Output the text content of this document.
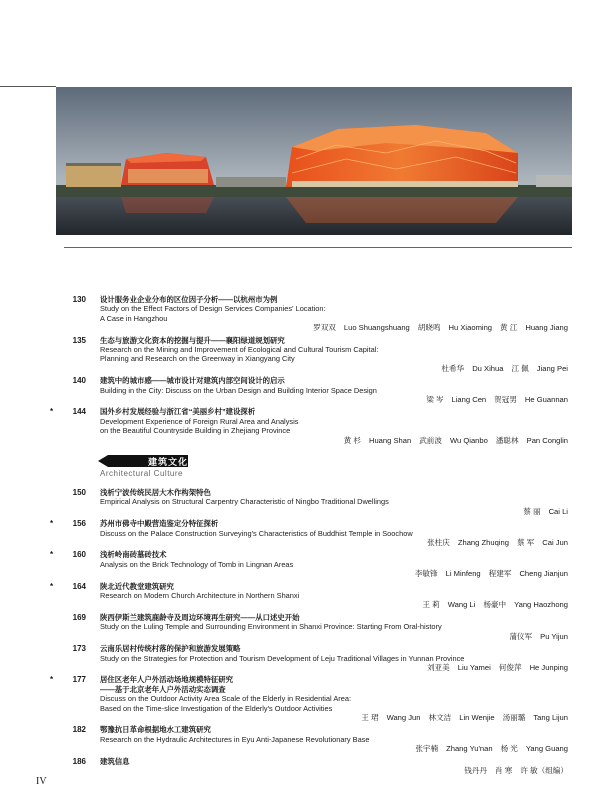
130 设计服务业企业分布的区位因子分析——以杭州市为例
Study on the Effect Factors of Design Services Companies' Location:
A Case in Hangzhou
罗双双 Luo Shuangshuang 胡晓鸣 Hu Xiaoming 黄 江 Huang Jiang
135 生态与旅游文化资本的挖掘与提升——襄阳绿道规划研究
Research on the Mining and Improvement of Ecological and Cultural Tourism Capital:
Planning and Research on the Greenway in Xiangyang City
杜希华 Du Xihua 江 佩 Jiang Pei
140 建筑中的城市感——城市设计对建筑内部空间设计的启示
Building in the City: Discuss on the Urban Design and Building Interior Space Design
梁 岑 Liang Cen 贺冠男 He Guannan
*	144 国外乡村发展经验与浙江省“美丽乡村”建设探析
Development Experience of Foreign Rural Area and Analysis
on the Beautiful Countryside Building in Zhejiang Province
黄 杉 Huang Shan 武前波 Wu Qianbo 潘聪林 Pan Conglin
建筑文化
Architectural Culture
150 浅析宁波传统民居大木作构架特色
Empirical Analysis on Structural Carpentry Characteristic of Ningbo Traditional Dwellings
蔡 丽 Cai Li
*	156 苏州市佛寺中殿营造鉴定分特征探析
Discuss on the Palace Construction Surveying's Characteristics of Buddhist Temple in Soochow
张柱庆 Zhang Zhuqing 蔡 军 Cai Jun
*	160 浅析岭南砖墓砖技术
Analysis on the Brick Technology of Tomb in Lingnan Areas
李敏锋 Li Minfeng 程建军 Cheng Jianjun
*	164 陕北近代教堂建筑研究
Research on Modern Church Architecture in Northern Shanxi
王 莉 Wang Li 杨豪中 Yang Haozhong
169 陕西伊斯兰建筑鹿龄寺及周边环境再生研究——从口述史开始
Study on the Luling Temple and Surrounding Environment in Shanxi Province: Starting From Oral-history
蒲仪军 Pu Yijun
173 云南乐居村传统村落的保护和旅游发展策略
Study on the Strategies for Protection and Tourism Development of Leju Traditional Villages in Yunnan Province
刘亚美 Liu Yamei 何俊萍 He Junping
*	177 居住区老年人户外活动场地规模特征研究
——基于北京老年人户外活动实态调查
Discuss on the Outdoor Activity Area Scale of the Elderly in Residential Area:
Based on the Time-slice Investigation of the Elderly's Outdoor Activities
王 珺 Wang Jun 林文洁 Lin Wenjie 汤丽璐 Tang Lijun
182 鄂豫抗日革命根据地水工建筑研究
Research on the Hydraulic Architectures in Eyu Anti-Japanese Revolutionary Base
张宇楠 Zhang Yu'nan 杨 光 Yang Guang
186 建筑信息
钱丹丹 肖 寒 许 敏（组编）
IV
